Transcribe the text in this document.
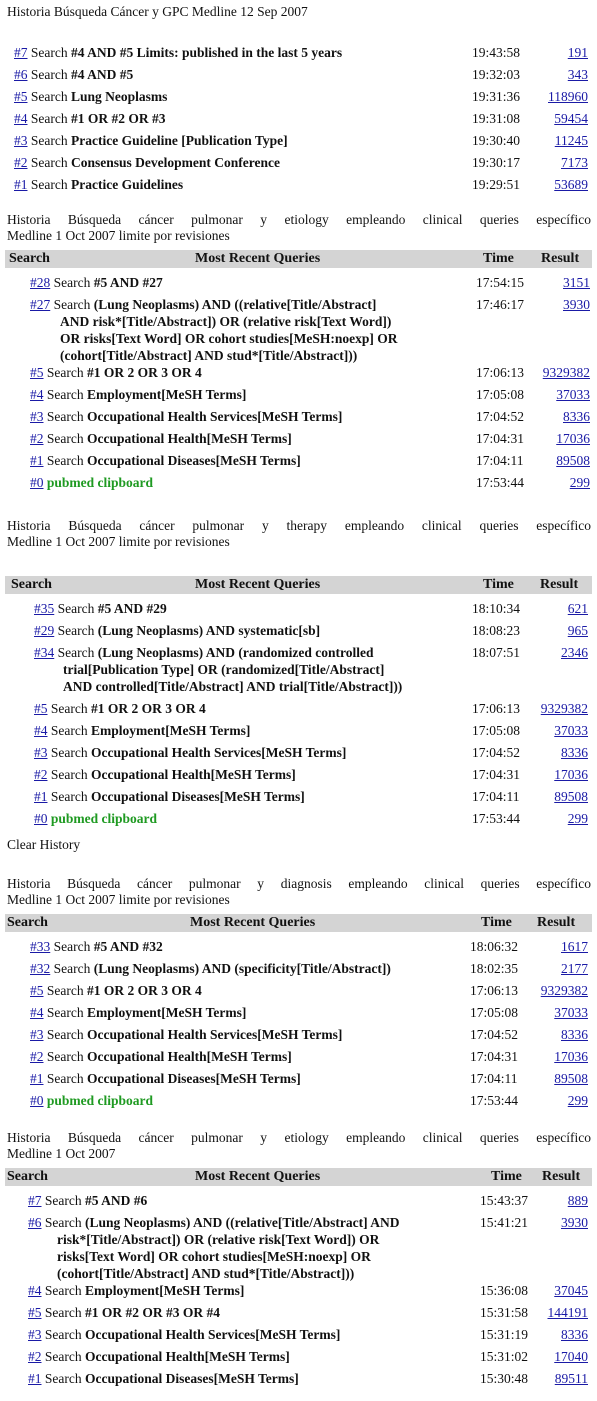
Historia Búsqueda Cáncer y GPC Medline 12 Sep 2007
#7 Search #4 AND #5 Limits: published in the last 5 years	19:43:58	191
#6 Search #4 AND #5	19:32:03	343
#5 Search Lung Neoplasms	19:31:36 118960
#4 Search #1 OR #2 OR #3	19:31:08	59454
#3 Search Practice Guideline [Publication Type]	19:30:40	11245
#2 Search Consensus Development Conference	19:30:17	7173
#1 Search Practice Guidelines	19:29:51	53689
Historia Búsqueda cáncer pulmonar y etiology empleando clinical queries específico
Medline 1 Oct 2007 limite por revisiones
Search	Most Recent Queries	Time Result
#28 Search #5 AND #27	17:54:15	3151
#27 Search (Lung Neoplasms) AND ((relative[Title/Abstract]
AND risk*[Title/Abstract]) OR (relative risk[Text Word])
OR risks[Text Word] OR cohort studies[MeSH:noexp] OR
(cohort[Title/Abstract] AND stud*[Title/Abstract]))
17:46:17	3930
#5 Search #1 OR 2 OR 3 OR 4	17:06:13 9329382
#4 Search Employment[MeSH Terms]	17:05:08 37033
#3 Search Occupational Health Services[MeSH Terms]	17:04:52	8336
#2 Search Occupational Health[MeSH Terms]	17:04:31 17036
#1 Search Occupational Diseases[MeSH Terms]	17:04:11 89508
#0 pubmed clipboard	17:53:44	299
Historia Búsqueda cáncer pulmonar y therapy empleando clinical queries específico
Medline 1 Oct 2007 limite por revisiones
Search	Most Recent Queries	Time Result
#35 Search #5 AND #29	18:10:34	621
#29 Search (Lung Neoplasms) AND systematic[sb]	18:08:23	965
#34 Search (Lung Neoplasms) AND (randomized controlled
trial[Publication Type] OR (randomized[Title/Abstract]
AND controlled[Title/Abstract] AND trial[Title/Abstract]))
18:07:51	2346
#5 Search #1 OR 2 OR 3 OR 4	17:06:13 9329382
#4 Search Employment[MeSH Terms]	17:05:08	37033
#3 Search Occupational Health Services[MeSH Terms]	17:04:52	8336
#2 Search Occupational Health[MeSH Terms]	17:04:31	17036
#1 Search Occupational Diseases[MeSH Terms]	17:04:11	89508
#0 pubmed clipboard	17:53:44	299
Clear History
Historia Búsqueda cáncer pulmonar y diagnosis empleando clinical queries específico
Medline 1 Oct 2007 limite por revisiones
Search	Most Recent Queries	Time Result
#33 Search #5 AND #32	18:06:32	1617
#32 Search (Lung Neoplasms) AND (specificity[Title/Abstract])	18:02:35	2177
#5 Search #1 OR 2 OR 3 OR 4	17:06:13 9329382
#4 Search Employment[MeSH Terms]	17:05:08	37033
#3 Search Occupational Health Services[MeSH Terms]	17:04:52	8336
#2 Search Occupational Health[MeSH Terms]	17:04:31	17036
#1 Search Occupational Diseases[MeSH Terms]	17:04:11	89508
#0 pubmed clipboard	17:53:44	299
Historia Búsqueda cáncer pulmonar y etiology empleando clinical queries específico
Medline 1 Oct 2007
Search	Most Recent Queries	Time Result
#7 Search #5 AND #6	15:43:37	889
#6 Search (Lung Neoplasms) AND ((relative[Title/Abstract] AND
risk*[Title/Abstract]) OR (relative risk[Text Word]) OR
risks[Text Word] OR cohort studies[MeSH:noexp] OR
(cohort[Title/Abstract] AND stud*[Title/Abstract]))
15:41:21 3930
#4 Search Employment[MeSH Terms]	15:36:08 37045
#5 Search #1 OR #2 OR #3 OR #4	15:31:58 144191
#3 Search Occupational Health Services[MeSH Terms]	15:31:19 8336
#2 Search Occupational Health[MeSH Terms]	15:31:02 17040
#1 Search Occupational Diseases[MeSH Terms]	15:30:48 89511
